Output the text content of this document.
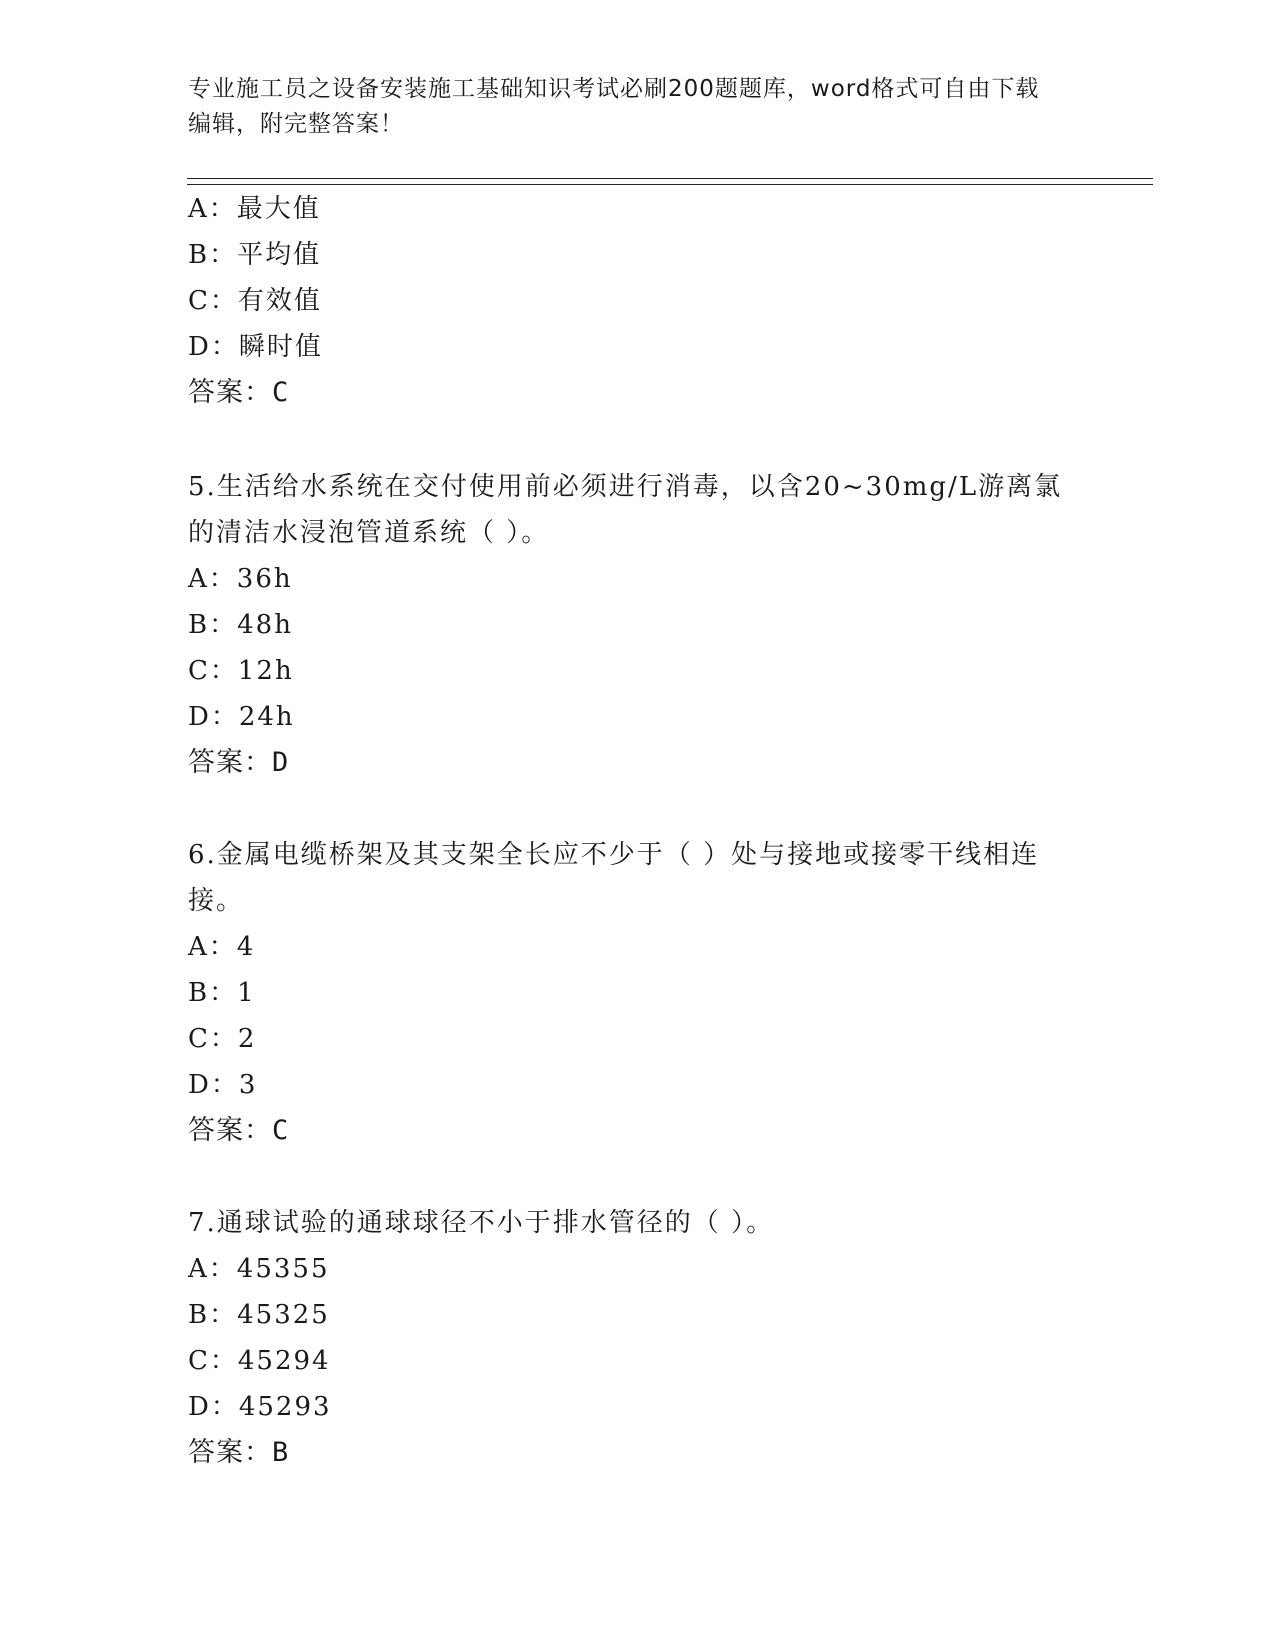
专业施工员之设备安装施工基础知识考试必刷200题题库，word格式可自由下载
编辑，附完整答案！
A：最大值
B：平均值
C：有效值
D：瞬时值
答案：C
5.生活给水系统在交付使用前必须进行消毒，以含20~30mg/L游离氯
的清洁水浸泡管道系统（ ）。
A：36h
B：48h
C：12h
D：24h
答案：D
6.金属电缆桥架及其支架全长应不少于（ ）处与接地或接零干线相连
接。
A：4
B：1
C：2
D：3
答案：C
7.通球试验的通球球径不小于排水管径的（ ）。
A：45355
B：45325
C：45294
D：45293
答案：B
